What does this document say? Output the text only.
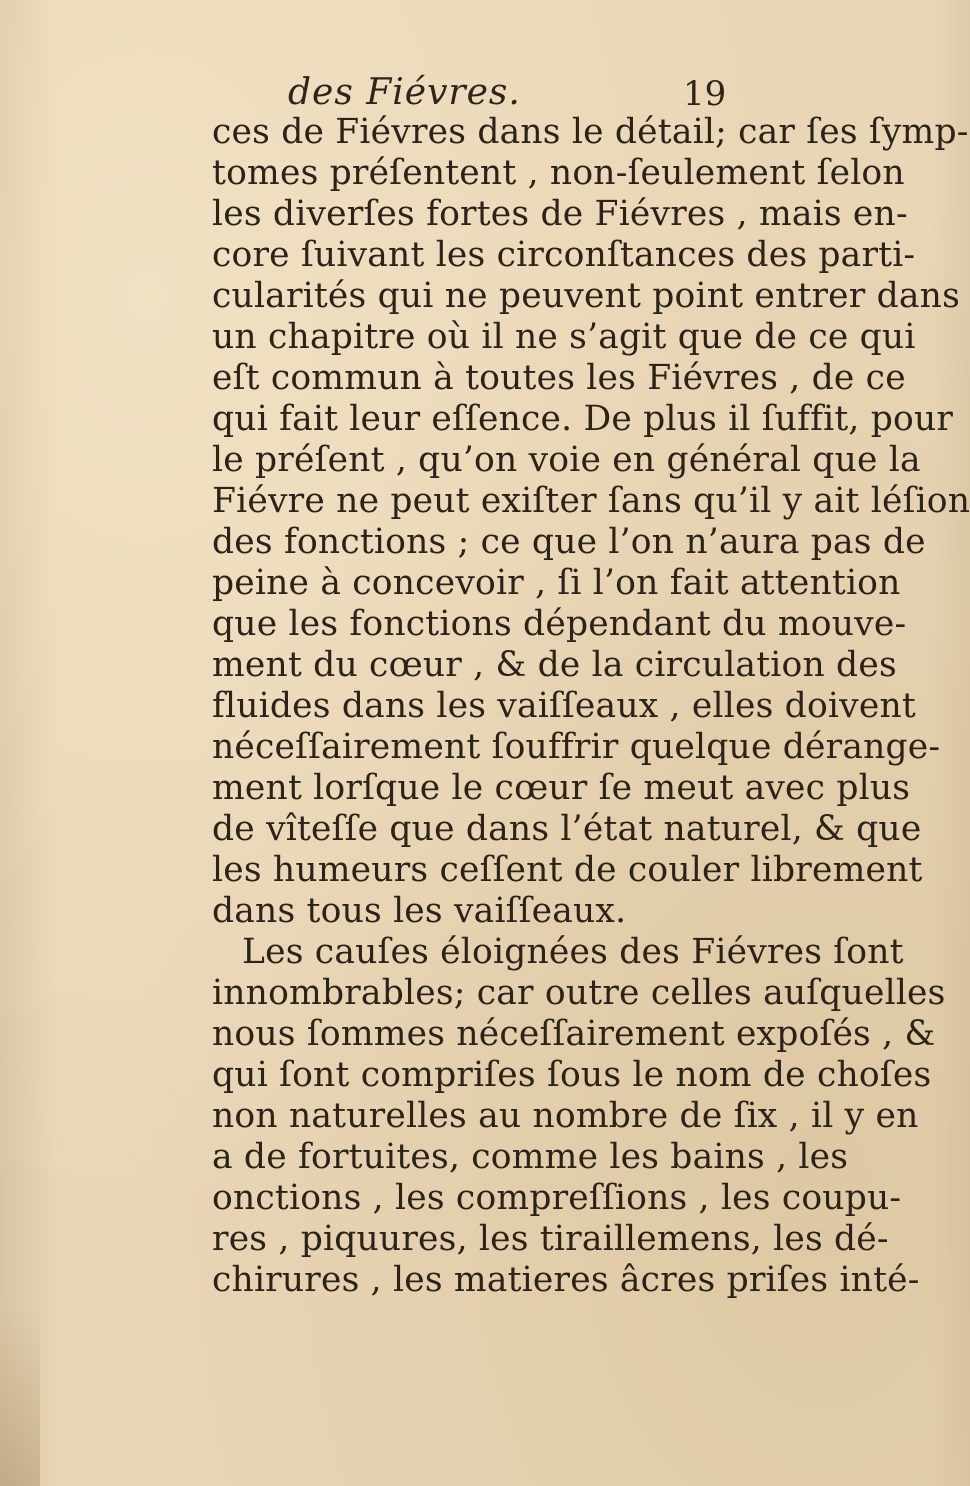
des Fiévres.	19
ces de Fiévres dans le détail; car ſes ſymp-
tomes préſentent , non-ſeulement ſelon
les diverſes fortes de Fiévres , mais en-
core ſuivant les circonſtances des parti-
cularités qui ne peuvent point entrer dans
un chapitre où il ne s’agit que de ce qui
eſt commun à toutes les Fiévres , de ce
qui fait leur eſſence. De plus il ſuffit, pour
le préſent , qu’on voie en général que la
Fiévre ne peut exiſter ſans qu’il y ait léſion
des fonctions ; ce que l’on n’aura pas de
peine à concevoir , ſi l’on fait attention
que les fonctions dépendant du mouve-
ment du cœur , & de la circulation des
fluides dans les vaiſſeaux , elles doivent
néceſſairement ſouffrir quelque dérange-
ment lorſque le cœur ſe meut avec plus
de vîteſſe que dans l’état naturel, & que
les humeurs ceſſent de couler librement
dans tous les vaiſſeaux.
Les cauſes éloignées des Fiévres ſont
innombrables; car outre celles auſquelles
nous ſommes néceſſairement expoſés , &
qui ſont compriſes ſous le nom de choſes
non naturelles au nombre de ſix , il y en
a de fortuites, comme les bains , les
onctions , les compreſſions , les coupu-
res , piquures, les tiraillemens, les dé-
chirures , les matieres âcres priſes inté-
